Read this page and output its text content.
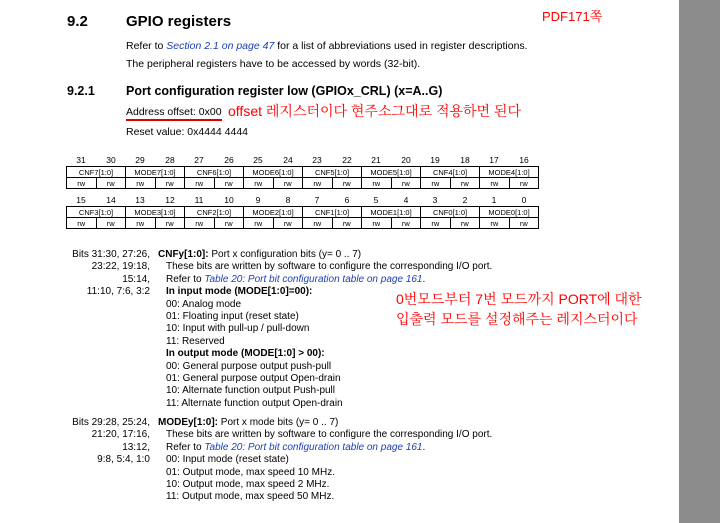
PDF171쪽
9.2	GPIO registers
Refer to Section 2.1 on page 47 for a list of abbreviations used in register descriptions.
The peripheral registers have to be accessed by words (32-bit).
9.2.1 Port configuration register low (GPIOx_CRL) (x=A..G)
Address offset: 0x00 offset 레지스터이다 현주소그대로 적용하면 된다
Reset value: 0x4444 4444
31	30	29	28	27	26	25	24	23	22	21	20	19	18	17	16
CNF7[1:0]		MODE7[1:0]		CNF6[1:0]		MODE6[1:0]		CNF5[1:0]		MODE5[1:0]		CNF4[1:0]		MODE4[1:0]	
rw	rw	rw	rw	rw	rw	rw	rw	rw	rw	rw	rw	rw	rw	rw	rw
15	14	13	12	11	10	9	8	7	6	5	4	3	2	1	0
CNF3[1:0]		MODE3[1:0]		CNF2[1:0]		MODE2[1:0]		CNF1[1:0]		MODE1[1:0]		CNF0[1:0]		MODE0[1:0]	
rw	rw	rw	rw	rw	rw	rw	rw	rw	rw	rw	rw	rw	rw	rw	rw
Bits 31:30, 27:26,
23:22, 19:18, 15:14,
11:10, 7:6, 3:2
CNFy[1:0]: Port x configuration bits (y= 0 .. 7)
These bits are written by software to configure the corresponding I/O port.
Refer to Table 20: Port bit configuration table on page 161.
In input mode (MODE[1:0]=00):
00: Analog mode
01: Floating input (reset state)
10: Input with pull-up / pull-down
11: Reserved
In output mode (MODE[1:0] > 00):
00: General purpose output push-pull
01: General purpose output Open-drain
10: Alternate function output Push-pull
11: Alternate function output Open-drain
0번모드부터 7번 모드까지 PORT에 대한
입출력 모드를 설정해주는 레지스터이다
Bits 29:28, 25:24,
21:20, 17:16, 13:12,
9:8, 5:4, 1:0
MODEy[1:0]: Port x mode bits (y= 0 .. 7)
These bits are written by software to configure the corresponding I/O port.
Refer to Table 20: Port bit configuration table on page 161.
00: Input mode (reset state)
01: Output mode, max speed 10 MHz.
10: Output mode, max speed 2 MHz.
11: Output mode, max speed 50 MHz.
